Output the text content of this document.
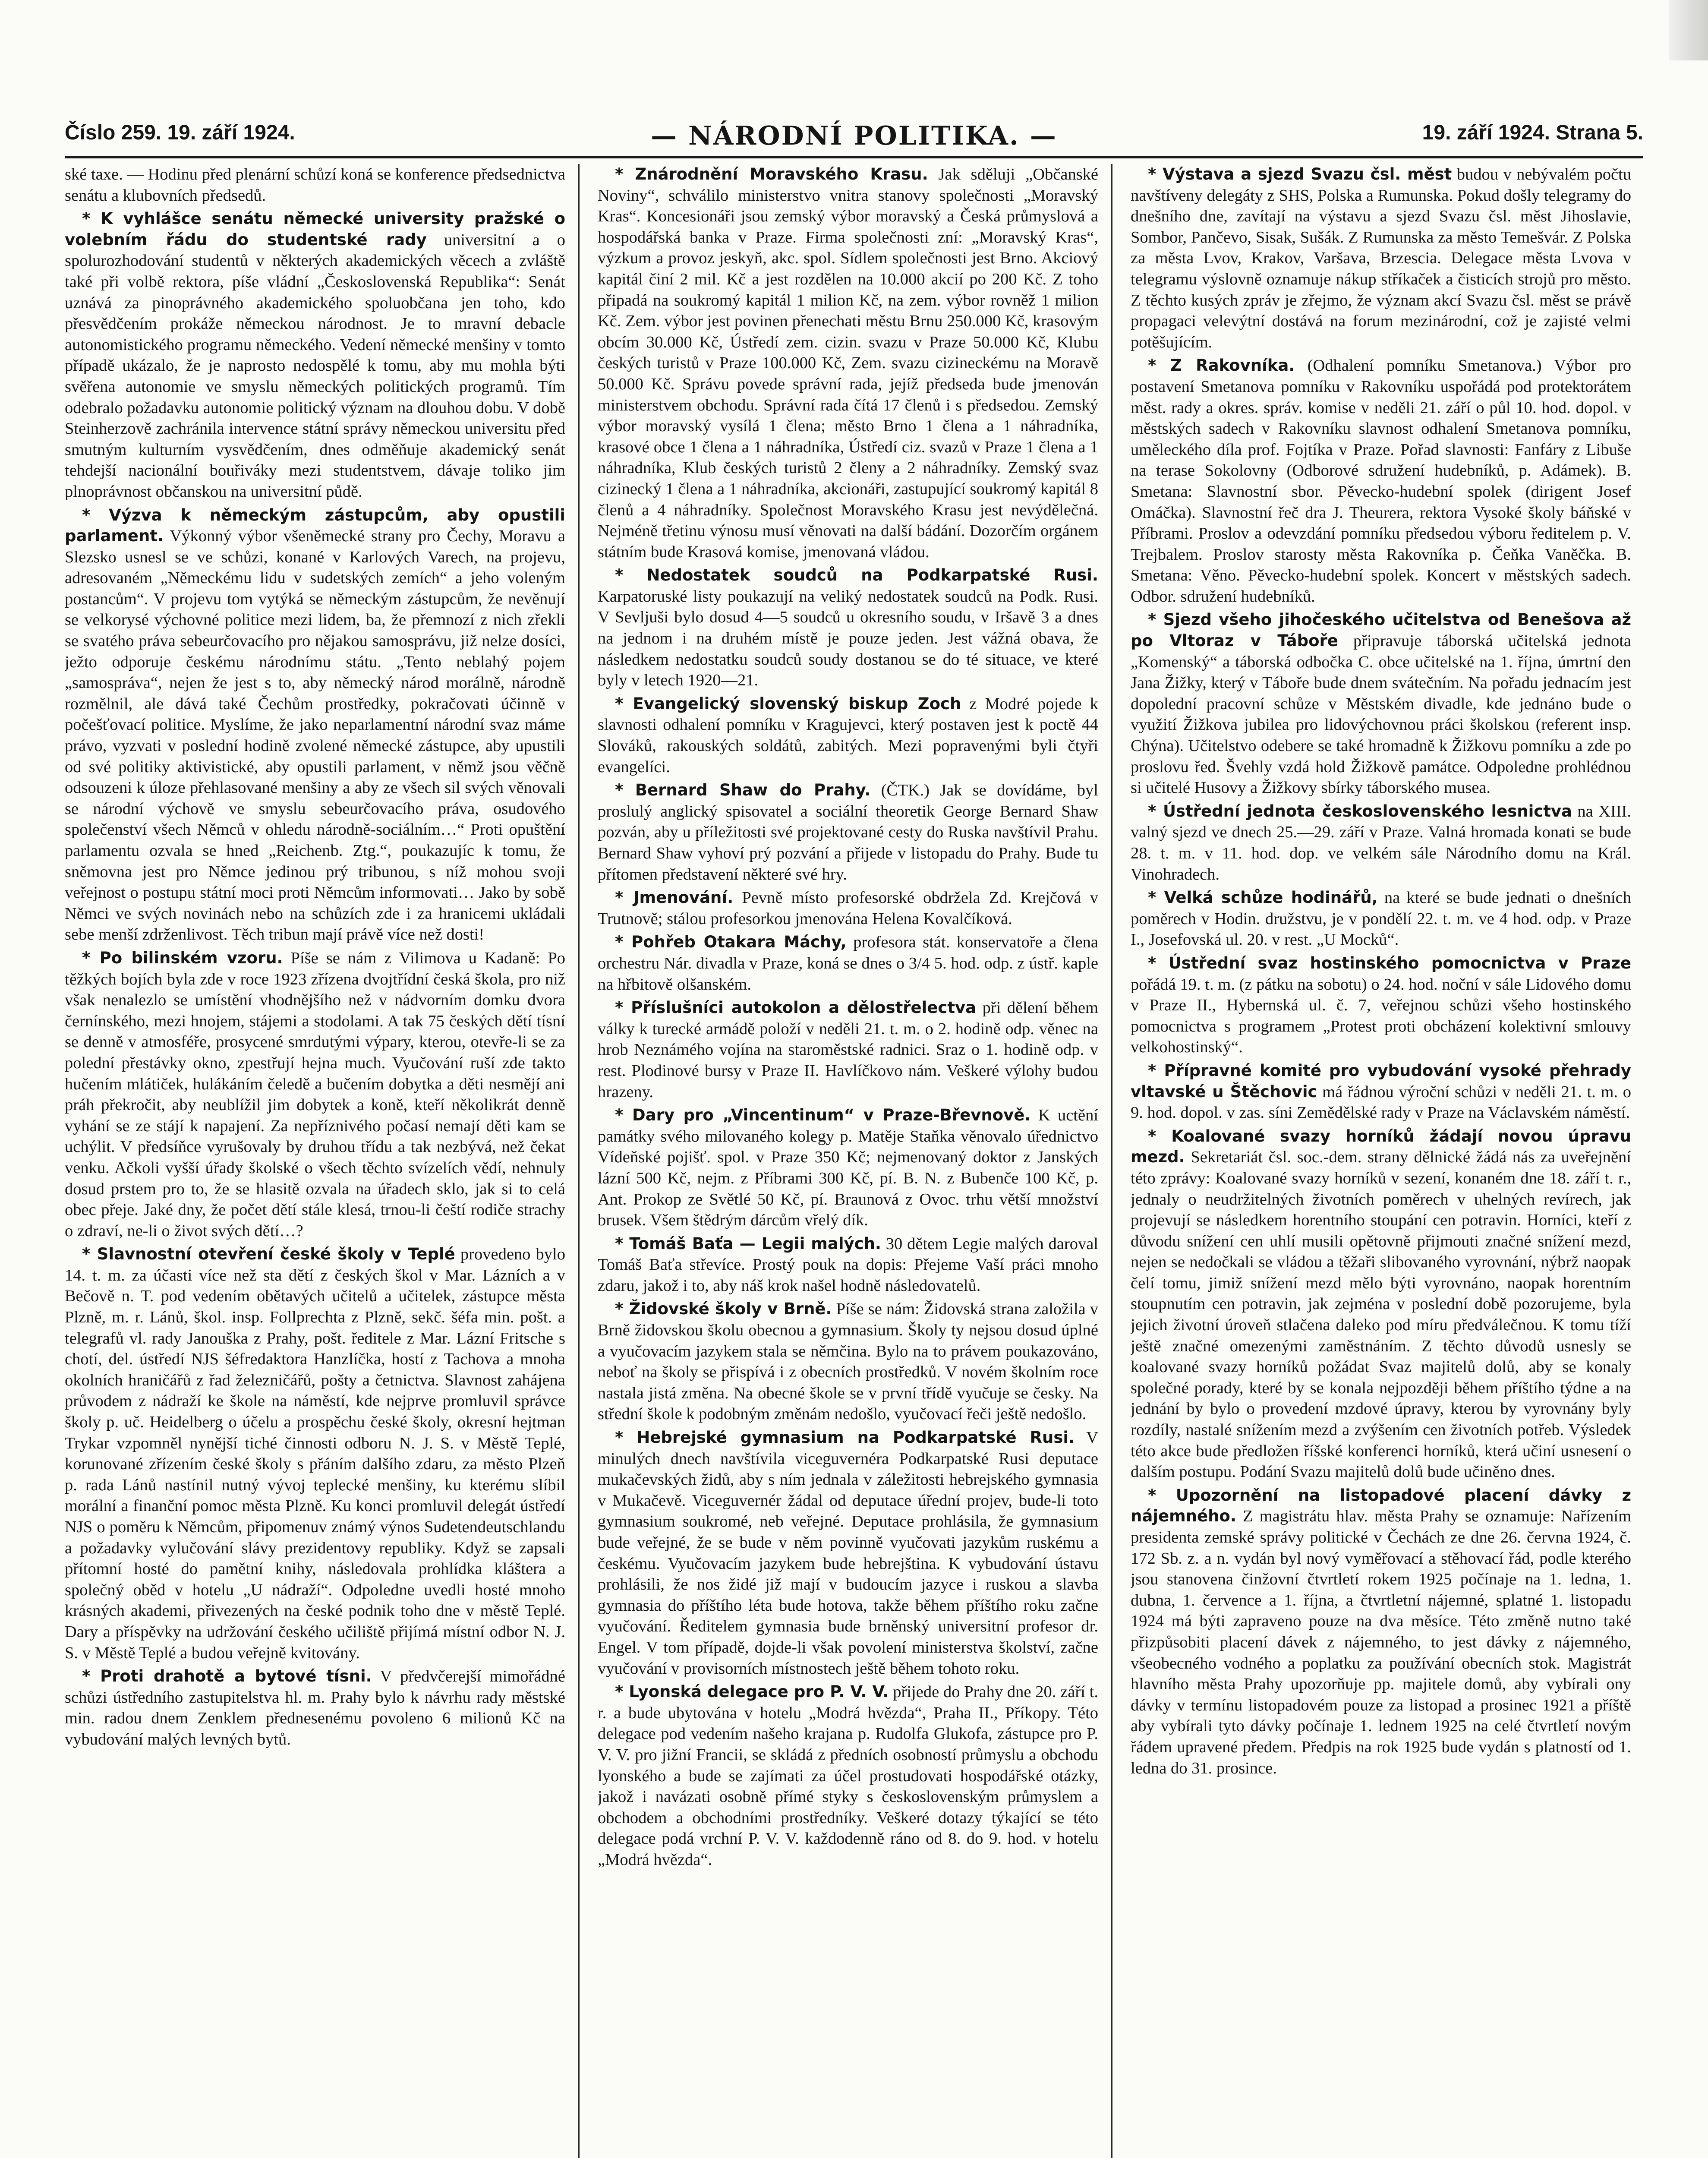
Číslo 259. 19. září 1924.	— NÁRODNÍ POLITIKA. —	19. září 1924. Strana 5.

ské taxe. — Hodinu před plenární schůzí koná se konference předsednictva senátu a klubovních předsedů.

* K vyhlášce senátu německé university pražské o volebním řádu do studentské rady universitní a o spolurozhodování studentů v některých akademických věcech a zvláště také při volbě rektora, píše vládní „Československá Republika“: Senát uznává za pinoprávného akademického spoluobčana jen toho, kdo přesvědčením prokáže německou národnost. Je to mravní debacle autonomistického programu německého. Vedení německé menšiny v tomto případě ukázalo, že je naprosto nedospělé k tomu, aby mu mohla býti svěřena autonomie ve smyslu německých politických programů. Tím odebralo požadavku autonomie politický význam na dlouhou dobu. V době Steinherzově zachránila intervence státní správy německou universitu před smutným kulturním vysvědčením, dnes odměňuje akademický senát tehdejší nacionální bouřiváky mezi studentstvem, dávaje toliko jim plnoprávnost občanskou na universitní půdě.

* Výzva k německým zástupcům, aby opustili parlament. Výkonný výbor všeněmecké strany pro Čechy, Moravu a Slezsko usnesl se ve schůzi, konané v Karlových Varech, na projevu, adresovaném „Německému lidu v sudetských zemích“ a jeho voleným postancům“. V projevu tom vytýká se německým zástupcům, že nevěnují se velkorysé výchovné politice mezi lidem, ba, že přemnozí z nich zřekli se svatého práva sebeurčovacího pro nějakou samosprávu, již nelze dosíci, ježto odporuje českému národnímu státu. „Tento neblahý pojem „samospráva“, nejen že jest s to, aby německý národ morálně, národně rozmělnil, ale dává také Čechům prostředky, pokračovati účinně v počešťovací politice. Myslíme, že jako neparlamentní národní svaz máme právo, vyzvati v poslední hodině zvolené německé zástupce, aby upustili od své politiky aktivistické, aby opustili parlament, v němž jsou věčně odsouzeni k úloze přehlasované menšiny a aby ze všech sil svých věnovali se národní výchově ve smyslu sebeurčovacího práva, osudového společenství všech Němců v ohledu národně-sociálním…“ Proti opuštění parlamentu ozvala se hned „Reichenb. Ztg.“, poukazujíc k tomu, že sněmovna jest pro Němce jedinou prý tribunou, s níž mohou svoji veřejnost o postupu státní moci proti Němcům informovati… Jako by sobě Němci ve svých novinách nebo na schůzích zde i za hranicemi ukládali sebe menší zdrženlivost. Těch tribun mají právě více než dosti!

* Po bilinském vzoru. Píše se nám z Vilimova u Kadaně: Po těžkých bojích byla zde v roce 1923 zřízena dvojtřídní česká škola, pro niž však nenalezlo se umístění vhodnějšího než v nádvorním domku dvora černínského, mezi hnojem, stájemi a stodolami. A tak 75 českých dětí tísní se denně v atmosféře, prosycené smrdutými výpary, kterou, otevře-li se za polední přestávky okno, zpestřují hejna much. Vyučování ruší zde takto hučením mlátiček, hulákáním čeledě a bučením dobytka a děti nesmějí ani práh překročit, aby neublížil jim dobytek a koně, kteří několikrát denně vyhání se ze stájí k napajení. Za nepříznivého počasí nemají děti kam se uchýlit. V předsíňce vyrušovaly by druhou třídu a tak nezbývá, než čekat venku. Ačkoli vyšší úřady školské o všech těchto svízelích vědí, nehnuly dosud prstem pro to, že se hlasitě ozvala na úřadech sklo, jak si to celá obec přeje. Jaké dny, že počet dětí stále klesá, trnou-li čeští rodiče strachy o zdraví, ne-li o život svých dětí…?

* Slavnostní otevření české školy v Teplé provedeno bylo 14. t. m. za účasti více než sta dětí z českých škol v Mar. Lázních a v Bečově n. T. pod vedením obětavých učitelů a učitelek, zástupce města Plzně, m. r. Lánů, škol. insp. Follprechta z Plzně, sekč. šéfa min. pošt. a telegrafů vl. rady Janouška z Prahy, pošt. ředitele z Mar. Lázní Fritsche s chotí, del. ústředí NJS šéfredaktora Hanzlíčka, hostí z Tachova a mnoha okolních hraničářů z řad železničářů, pošty a četnictva. Slavnost zahájena průvodem z nádraží ke škole na náměstí, kde nejprve promluvil správce školy p. uč. Heidelberg o účelu a prospěchu české školy, okresní hejtman Trykar vzpomněl nynější tiché činnosti odboru N. J. S. v Městě Teplé, korunované zřízením české školy s přáním dalšího zdaru, za město Plzeň p. rada Lánů nastínil nutný vývoj teplecké menšiny, ku kterému slíbil morální a finanční pomoc města Plzně. Ku konci promluvil delegát ústředí NJS o poměru k Němcům, připomenuv známý výnos Sudetendeutschlandu a požadavky vylučování slávy prezidentovy republiky. Když se zapsali přítomní hosté do pamětní knihy, následovala prohlídka kláštera a společný oběd v hotelu „U nádraží“. Odpoledne uvedli hosté mnoho krásných akademi, přivezených na české podnik toho dne v městě Teplé. Dary a příspěvky na udržování českého učiliště přijímá místní odbor N. J. S. v Městě Teplé a budou veřejně kvitovány.

* Proti drahotě a bytové tísni. V předvčerejší mimořádné schůzi ústředního zastupitelstva hl. m. Prahy bylo k návrhu rady městské min. radou dnem Zenklem přednesenému povoleno 6 milionů Kč na vybudování malých levných bytů.

* Znárodnění Moravského Krasu. Jak sděluji „Občanské Noviny“, schválilo ministerstvo vnitra stanovy společnosti „Moravský Kras“. Koncesionáři jsou zemský výbor moravský a Česká průmyslová a hospodářská banka v Praze. Firma společnosti zní: „Moravský Kras“, výzkum a provoz jeskyň, akc. spol. Sídlem společnosti jest Brno. Akciový kapitál činí 2 mil. Kč a jest rozdělen na 10.000 akcií po 200 Kč. Z toho připadá na soukromý kapitál 1 milion Kč, na zem. výbor rovněž 1 milion Kč. Zem. výbor jest povinen přenechati městu Brnu 250.000 Kč, krasovým obcím 30.000 Kč, Ústředí zem. cizin. svazu v Praze 50.000 Kč, Klubu českých turistů v Praze 100.000 Kč, Zem. svazu cizineckému na Moravě 50.000 Kč. Správu povede správní rada, jejíž předseda bude jmenován ministerstvem obchodu. Správní rada čítá 17 členů i s předsedou. Zemský výbor moravský vysílá 1 člena; město Brno 1 člena a 1 náhradníka, krasové obce 1 člena a 1 náhradníka, Ústředí ciz. svazů v Praze 1 člena a 1 náhradníka, Klub českých turistů 2 členy a 2 náhradníky. Zemský svaz cizinecký 1 člena a 1 náhradníka, akcionáři, zastupující soukromý kapitál 8 členů a 4 náhradníky. Společnost Moravského Krasu jest nevýdělečná. Nejméně třetinu výnosu musí věnovati na další bádání. Dozorčím orgánem státním bude Krasová komise, jmenovaná vládou.

* Nedostatek soudců na Podkarpatské Rusi. Karpatoruské listy poukazují na veliký nedostatek soudců na Podk. Rusi. V Sevljuši bylo dosud 4—5 soudců u okresního soudu, v Iršavě 3 a dnes na jednom i na druhém místě je pouze jeden. Jest vážná obava, že následkem nedostatku soudců soudy dostanou se do té situace, ve které byly v letech 1920—21.

* Evangelický slovenský biskup Zoch z Modré pojede k slavnosti odhalení pomníku v Kragujevci, který postaven jest k poctě 44 Slováků, rakouských soldátů, zabitých. Mezi popravenými byli čtyři evangelíci.

* Bernard Shaw do Prahy. (ČTK.) Jak se dovídáme, byl proslulý anglický spisovatel a sociální theoretik George Bernard Shaw pozván, aby u příležitosti své projektované cesty do Ruska navštívil Prahu. Bernard Shaw vyhoví prý pozvání a přijede v listopadu do Prahy. Bude tu přítomen představení některé své hry.

* Jmenování. Pevně místo profesorské obdržela Zd. Krejčová v Trutnově; stálou profesorkou jmenována Helena Kovalčíková.

* Pohřeb Otakara Máchy, profesora stát. konservatoře a člena orchestru Nár. divadla v Praze, koná se dnes o 3/4 5. hod. odp. z ústř. kaple na hřbitově olšanském.

* Příslušníci autokolon a dělostřelectva při dělení během války k turecké armádě položí v neděli 21. t. m. o 2. hodině odp. věnec na hrob Neznámého vojína na staroměstské radnici. Sraz o 1. hodině odp. v rest. Plodinové bursy v Praze II. Havlíčkovo nám. Veškeré výlohy budou hrazeny.

* Dary pro „Vincentinum“ v Praze-Břevnově. K uctění památky svého milovaného kolegy p. Matěje Staňka věnovalo úřednictvo Vídeňské pojišť. spol. v Praze 350 Kč; nejmenovaný doktor z Janských lázní 500 Kč, nejm. z Příbrami 300 Kč, pí. B. N. z Bubenče 100 Kč, p. Ant. Prokop ze Světlé 50 Kč, pí. Braunová z Ovoc. trhu větší množství brusek. Všem štědrým dárcům vřelý dík.

* Tomáš Baťa — Legii malých. 30 dětem Legie malých daroval Tomáš Baťa střevíce. Prostý pouk na dopis: Přejeme Vaší práci mnoho zdaru, jakož i to, aby náš krok našel hodně následovatelů.

* Židovské školy v Brně. Píše se nám: Židovská strana založila v Brně židovskou školu obecnou a gymnasium. Školy ty nejsou dosud úplné a vyučovacím jazykem stala se němčina. Bylo na to právem poukazováno, neboť na školy se přispívá i z obecních prostředků. V novém školním roce nastala jistá změna. Na obecné škole se v první třídě vyučuje se česky. Na střední škole k podobným změnám nedošlo, vyučovací řeči ještě nedošlo.

* Hebrejské gymnasium na Podkarpatské Rusi. V minulých dnech navštívila viceguvernéra Podkarpatské Rusi deputace mukačevských židů, aby s ním jednala v záležitosti hebrejského gymnasia v Mukačevě. Viceguvernér žádal od deputace úřední projev, bude-li toto gymnasium soukromé, neb veřejné. Deputace prohlásila, že gymnasium bude veřejné, že se bude v něm povinně vyučovati jazykům ruskému a českému. Vyučovacím jazykem bude hebrejština. K vybudování ústavu prohlásili, že nos židé již mají v budoucím jazyce i ruskou a slavba gymnasia do příštího léta bude hotova, takže během příštího roku začne vyučování. Ředitelem gymnasia bude brněnský universitní profesor dr. Engel. V tom případě, dojde-li však povolení ministerstva školství, začne vyučování v provisorních místnostech ještě během tohoto roku.

* Lyonská delegace pro P. V. V. přijede do Prahy dne 20. září t. r. a bude ubytována v hotelu „Modrá hvězda“, Praha II., Příkopy. Této delegace pod vedením našeho krajana p. Rudolfa Glukofa, zástupce pro P. V. V. pro jižní Francii, se skládá z předních osobností průmyslu a obchodu lyonského a bude se zajímati za účel prostudovati hospodářské otázky, jakož i navázati osobně přímé styky s československým průmyslem a obchodem a obchodními prostředníky. Veškeré dotazy týkající se této delegace podá vrchní P. V. V. každodenně ráno od 8. do 9. hod. v hotelu „Modrá hvězda“.

* Výstava a sjezd Svazu čsl. měst budou v nebývalém počtu navštíveny delegáty z SHS, Polska a Rumunska. Pokud došly telegramy do dnešního dne, zavítají na výstavu a sjezd Svazu čsl. měst Jihoslavie, Sombor, Pančevo, Sisak, Sušák. Z Rumunska za město Temešvár. Z Polska za města Lvov, Krakov, Varšava, Brzescia. Delegace města Lvova v telegramu výslovně oznamuje nákup stříkaček a čisticích strojů pro město. Z těchto kusých zpráv je zřejmo, že význam akcí Svazu čsl. měst se právě propagaci velevýtní dostává na forum mezinárodní, což je zajisté velmi potěšujícím.

* Z Rakovníka. (Odhalení pomníku Smetanova.) Výbor pro postavení Smetanova pomníku v Rakovníku uspořádá pod protektorátem měst. rady a okres. správ. komise v neděli 21. září o půl 10. hod. dopol. v městských sadech v Rakovníku slavnost odhalení Smetanova pomníku, uměleckého díla prof. Fojtíka v Praze. Pořad slavnosti: Fanfáry z Libuše na terase Sokolovny (Odborové sdružení hudebníků, p. Adámek). B. Smetana: Slavnostní sbor. Pěvecko-hudební spolek (dirigent Josef Omáčka). Slavnostní řeč dra J. Theurera, rektora Vysoké školy báňské v Příbrami. Proslov a odevzdání pomníku předsedou výboru ředitelem p. V. Trejbalem. Proslov starosty města Rakovníka p. Čeňka Vaněčka. B. Smetana: Věno. Pěvecko-hudební spolek. Koncert v městských sadech. Odbor. sdružení hudebníků.

* Sjezd všeho jihočeského učitelstva od Benešova až po Vltoraz v Táboře připravuje táborská učitelská jednota „Komenský“ a táborská odbočka C. obce učitelské na 1. října, úmrtní den Jana Žižky, který v Táboře bude dnem svátečním. Na pořadu jednacím jest dopolední pracovní schůze v Městském divadle, kde jednáno bude o využití Žižkova jubilea pro lidovýchovnou práci školskou (referent insp. Chýna). Učitelstvo odebere se také hromadně k Žižkovu pomníku a zde po proslovu řed. Švehly vzdá hold Žižkově památce. Odpoledne prohlédnou si učitelé Husovy a Žižkovy sbírky táborského musea.

* Ústřední jednota československého lesnictva na XIII. valný sjezd ve dnech 25.—29. září v Praze. Valná hromada konati se bude 28. t. m. v 11. hod. dop. ve velkém sále Národního domu na Král. Vinohradech.

* Velká schůze hodinářů, na které se bude jednati o dnešních poměrech v Hodin. družstvu, je v pondělí 22. t. m. ve 4 hod. odp. v Praze I., Josefovská ul. 20. v rest. „U Mocků“.

* Ústřední svaz hostinského pomocnictva v Praze pořádá 19. t. m. (z pátku na sobotu) o 24. hod. noční v sále Lidového domu v Praze II., Hybernská ul. č. 7, veřejnou schůzi všeho hostinského pomocnictva s programem „Protest proti obcházení kolektivní smlouvy velkohostinský“.

* Přípravné komité pro vybudování vysoké přehrady vltavské u Štěchovic má řádnou výroční schůzi v neděli 21. t. m. o 9. hod. dopol. v zas. síni Zemědělské rady v Praze na Václavském náměstí.

* Koalované svazy horníků žádají novou úpravu mezd. Sekretariát čsl. soc.-dem. strany dělnické žádá nás za uveřejnění této zprávy: Koalované svazy horníků v sezení, konaném dne 18. září t. r., jednaly o neudržitelných životních poměrech v uhelných revírech, jak projevují se následkem horentního stoupání cen potravin. Horníci, kteří z důvodu snížení cen uhlí musili opětovně přijmouti značné snížení mezd, nejen se nedočkali se vládou a těžaři slibovaného vyrovnání, nýbrž naopak čelí tomu, jimiž snížení mezd mělo býti vyrovnáno, naopak horentním stoupnutím cen potravin, jak zejména v poslední době pozorujeme, byla jejich životní úroveň stlačena daleko pod míru předválečnou. K tomu tíží ještě značné omezenými zaměstnáním. Z těchto důvodů usnesly se koalované svazy horníků požádat Svaz majitelů dolů, aby se konaly společné porady, které by se konala nejpozději během příštího týdne a na jednání by bylo o provedení mzdové úpravy, kterou by vyrovnány byly rozdíly, nastalé snížením mezd a zvýšením cen životních potřeb. Výsledek této akce bude předložen říšské konferenci horníků, která učiní usnesení o dalším postupu. Podání Svazu majitelů dolů bude učiněno dnes.

* Upozornění na listopadové placení dávky z nájemného. Z magistrátu hlav. města Prahy se oznamuje: Nařízením presidenta zemské správy politické v Čechách ze dne 26. června 1924, č. 172 Sb. z. a n. vydán byl nový vyměřovací a stěhovací řád, podle kterého jsou stanovena činžovní čtvrtletí rokem 1925 počínaje na 1. ledna, 1. dubna, 1. července a 1. října, a čtvrtletní nájemné, splatné 1. listopadu 1924 má býti zapraveno pouze na dva měsíce. Této změně nutno také přizpůsobiti placení dávek z nájemného, to jest dávky z nájemného, všeobecného vodného a poplatku za používání obecních stok. Magistrát hlavního města Prahy upozorňuje pp. majitele domů, aby vybírali ony dávky v termínu listopadovém pouze za listopad a prosinec 1921 a příště aby vybírali tyto dávky počínaje 1. lednem 1925 na celé čtvrtletí novým řádem upravené předem. Předpis na rok 1925 bude vydán s platností od 1. ledna do 31. prosince.
